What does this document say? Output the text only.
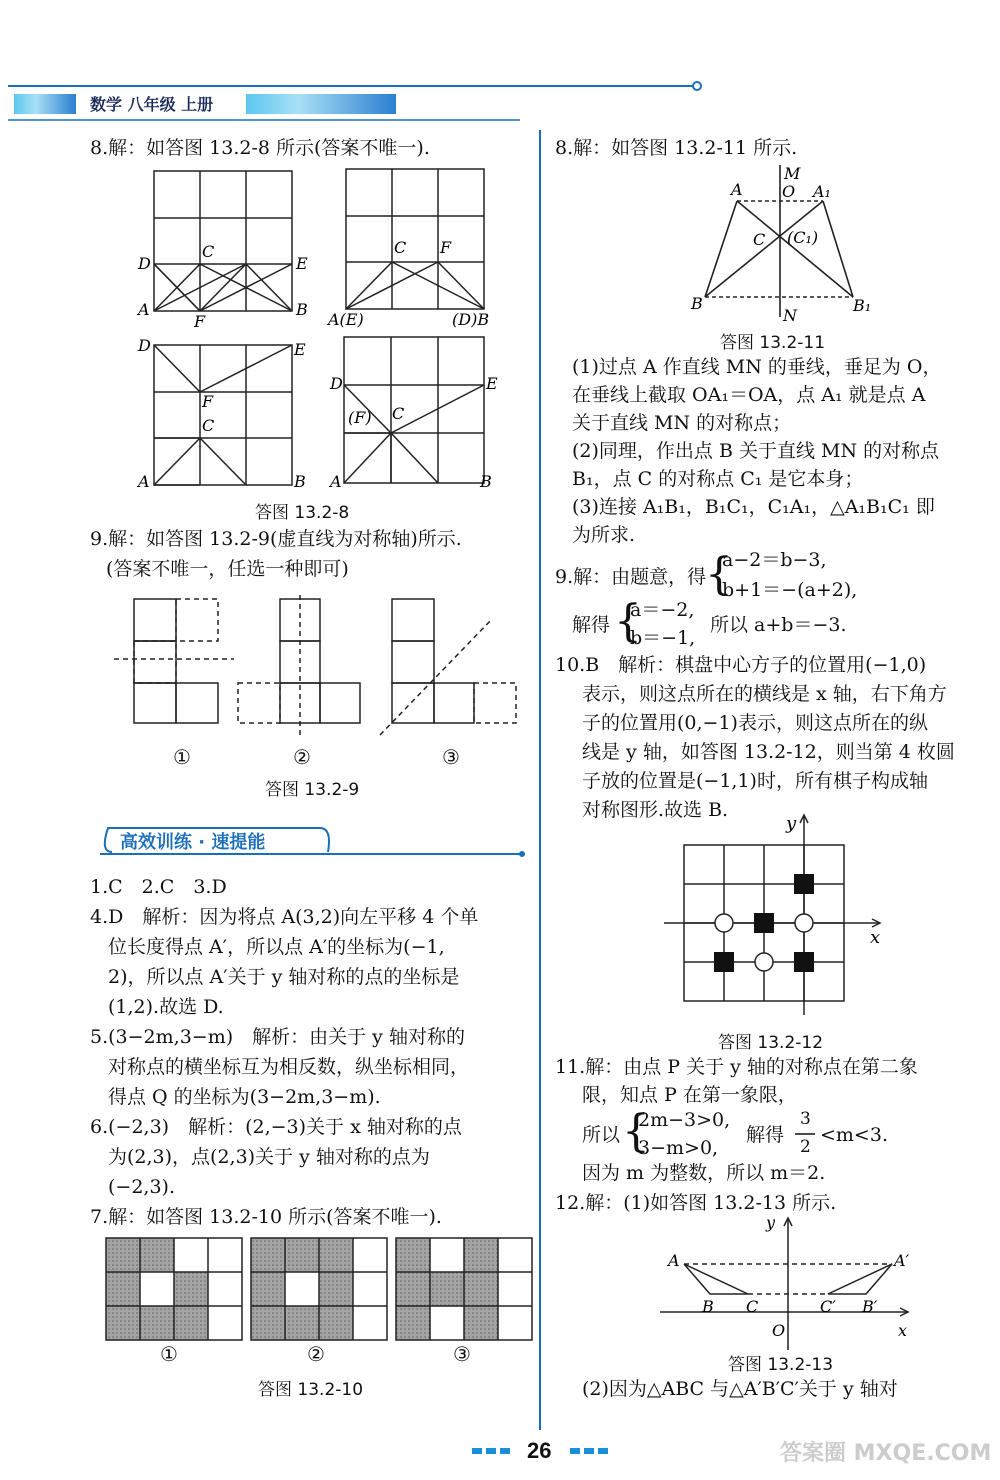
数学 八年级 上册
8.解：如答图 13.2-8 所示(答案不唯一).
D
C
E
A
F
B
C F
A(E)	(D)B
D	E
F
C
A	B
D	E
(F) C
A	B
答图 13.2-8
9.解：如答图 13.2-9(虚直线为对称轴)所示.
(答案不唯一，任选一种即可)
①	②	③
答图 13.2-9
高效训练 · 速提能
1.C　2.C　3.D
4.D　解析：因为将点 A(3,2)向左平移 4 个单
位长度得点 A′，所以点 A′的坐标为(−1,
2)，所以点 A′关于 y 轴对称的点的坐标是
(1,2).故选 D.
5.(3−2m,3−m)　解析：由关于 y 轴对称的
对称点的横坐标互为相反数，纵坐标相同，
得点 Q 的坐标为(3−2m,3−m).
6.(−2,3)　解析：(2,−3)关于 x 轴对称的点
为(2,3)，点(2,3)关于 y 轴对称的点为
(−2,3).
7.解：如答图 13.2-10 所示(答案不唯一).
①	②	③
答图 13.2-10
8.解：如答图 13.2-11 所示.
M
A O A₁
C (C₁)
B
N
B₁
答图 13.2-11
(1)过点 A 作直线 MN 的垂线，垂足为 O，
在垂线上截取 OA₁＝OA，点 A₁ 就是点 A
关于直线 MN 的对称点；
(2)同理，作出点 B 关于直线 MN 的对称点
B₁，点 C 的对称点 C₁ 是它本身；
(3)连接 A₁B₁，B₁C₁，C₁A₁，△A₁B₁C₁ 即
为所求.
9.解：由题意，得
{
a−2＝b−3,
b+1＝−(a+2),
解得 {
a＝−2,
b＝−1,
所以 a+b＝−3.
10.B　解析：棋盘中心方子的位置用(−1,0)
表示，则这点所在的横线是 x 轴，右下角方
子的位置用(0,−1)表示，则这点所在的纵
线是 y 轴，如答图 13.2-12，则当第 4 枚圆
子放的位置是(−1,1)时，所有棋子构成轴
对称图形.故选 B.
y
x
答图 13.2-12
11.解：由点 P 关于 y 轴的对称点在第二象
限，知点 P 在第一象限，
所以 {
2m−3>0,
3−m>0,
解得
3
2
<m<3.
因为 m 为整数，所以 m＝2.
12.解：(1)如答图 13.2-13 所示.
y
A
B C	C′ B′
A′
O	x
答图 13.2-13
(2)因为△ABC 与△A′B′C′关于 y 轴对
26	答案圈 MXQE.COM
